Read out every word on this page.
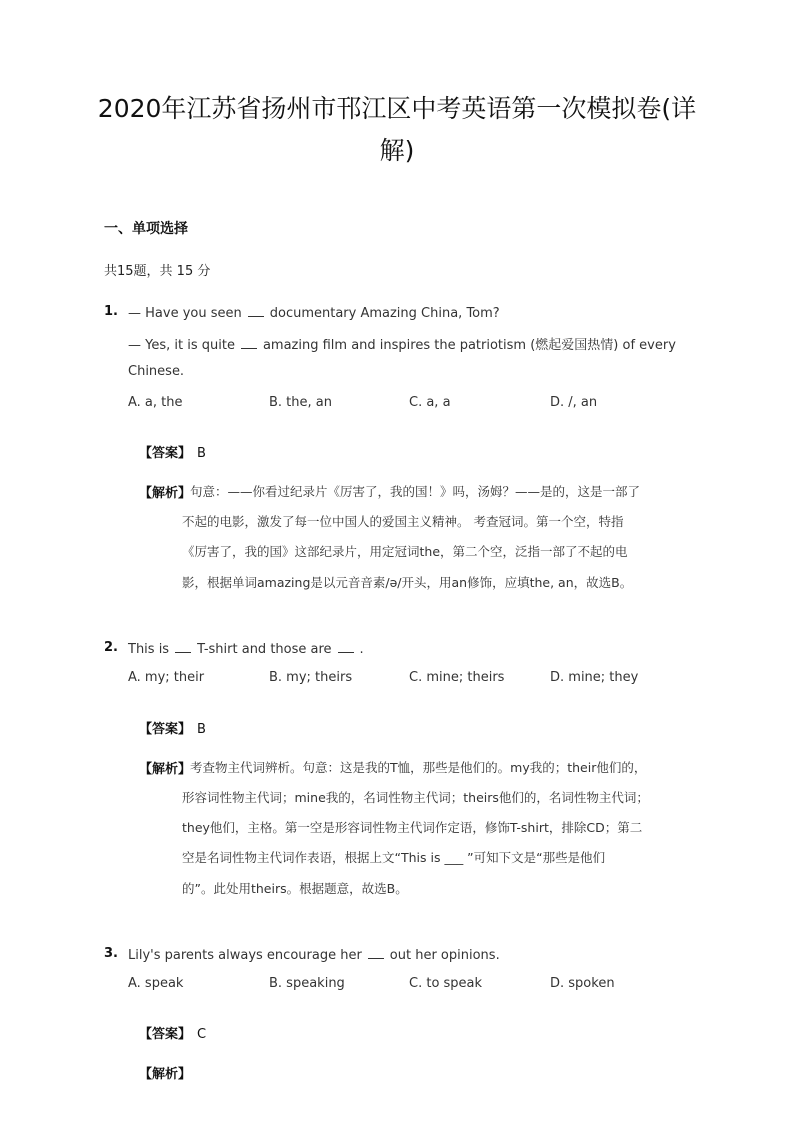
2020年江苏省扬州市邗江区中考英语第一次模拟卷(详
解)
一、单项选择
共15题，共 15 分
1. — Have you seen documentary Amazing China, Tom?
— Yes, it is quite amazing film and inspires the patriotism (燃起爱国热情) of every
Chinese.
A. a, the	B. the, an	C. a, a	D. /, an
【答案】 B
【解析】
句意：——你看过纪录片《厉害了，我的国！》吗，汤姆？——是的，这是一部了
不起的电影，激发了每一位中国人的爱国主义精神。 考查冠词。第一个空，特指
《厉害了，我的国》这部纪录片，用定冠词the，第二个空，泛指一部了不起的电
影，根据单词amazing是以元音音素/ə/开头，用an修饰，应填the, an，故选B。
2. This is T-shirt and those are .
A. my; their	B. my; theirs	C. mine; theirs	D. mine; they
【答案】 B
【解析】
考查物主代词辨析。句意：这是我的T恤，那些是他们的。my我的；their他们的，
形容词性物主代词；mine我的，名词性物主代词；theirs他们的，名词性物主代词；
they他们，主格。第一空是形容词性物主代词作定语，修饰T-shirt，排除CD；第二
空是名词性物主代词作表语，根据上文“This is ___ ”可知下文是“那些是他们
的”。此处用theirs。根据题意，故选B。
3. Lily's parents always encourage her out her opinions.
A. speak	B. speaking	C. to speak	D. spoken
【答案】 C
【解析】
